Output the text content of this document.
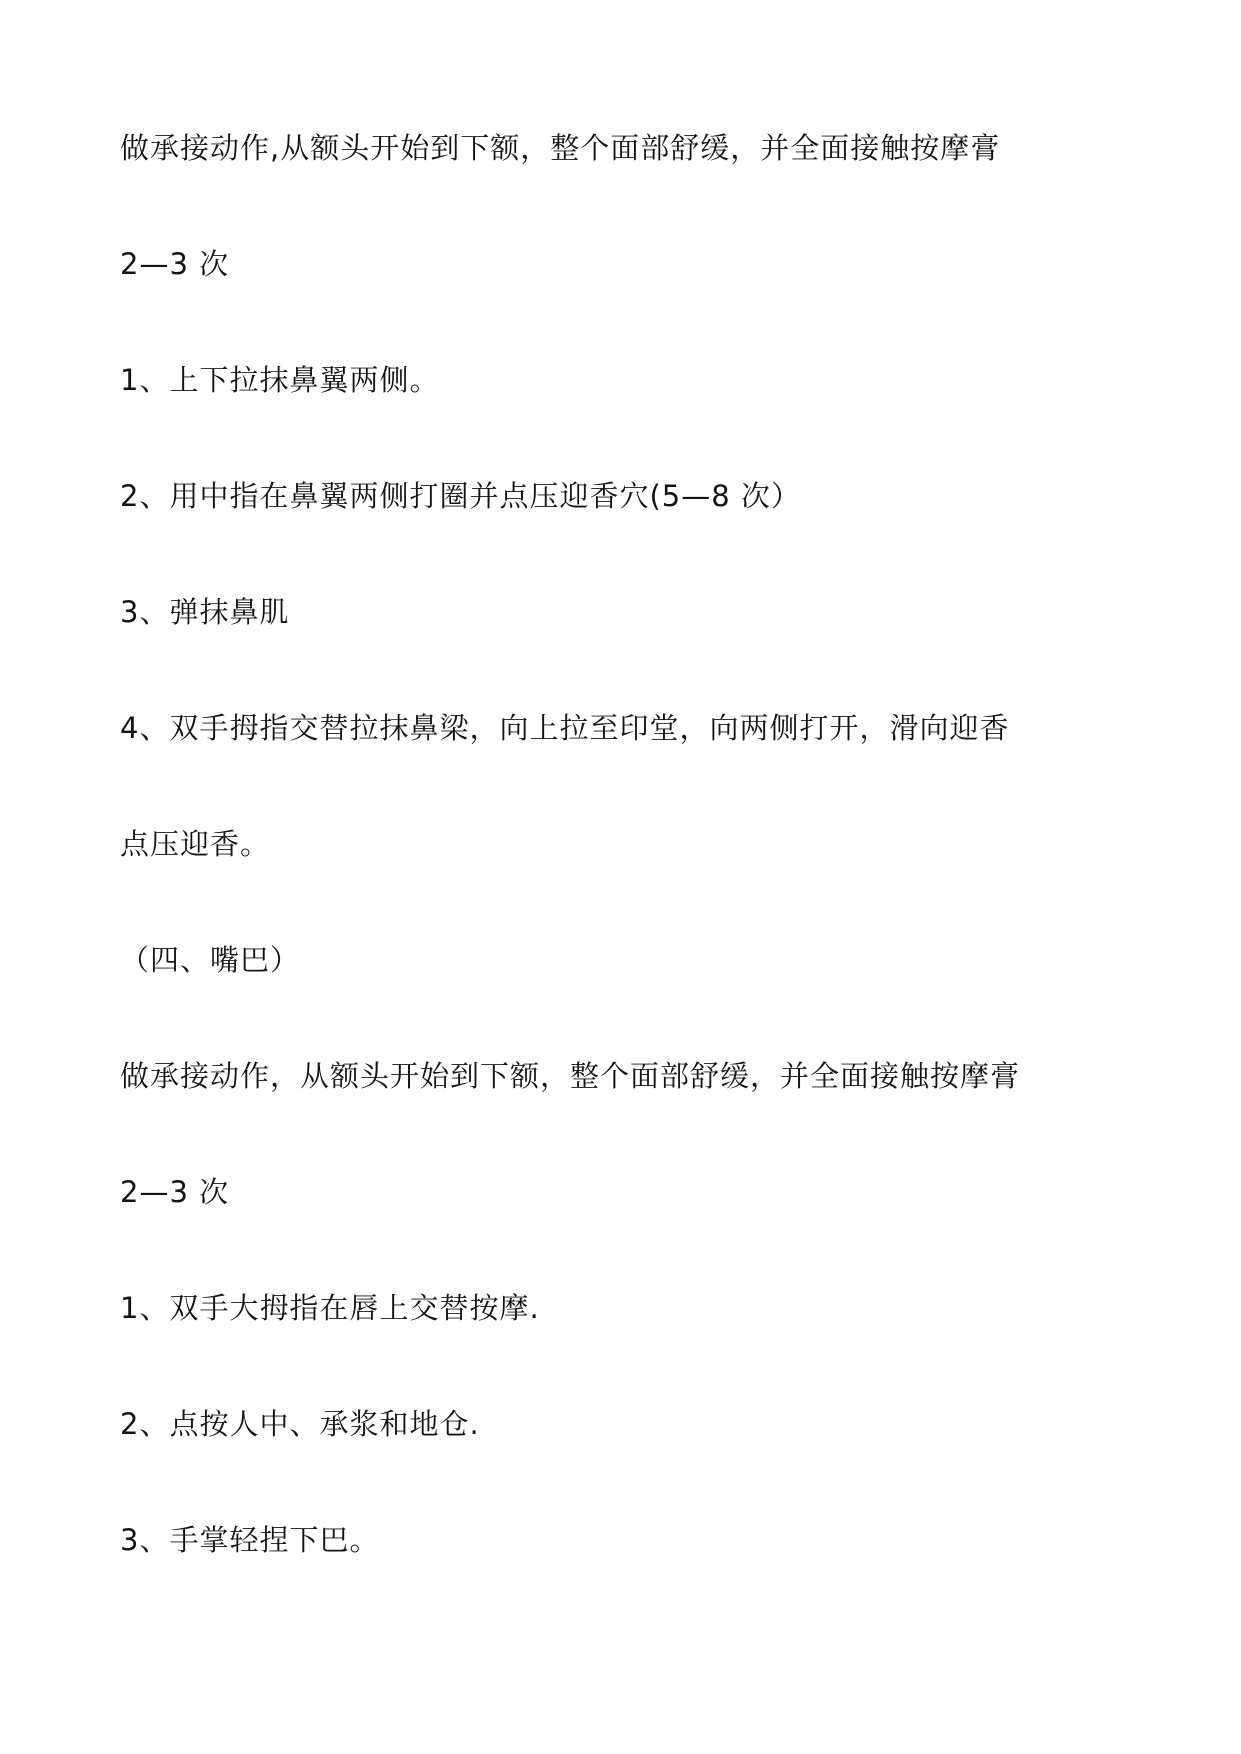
做承接动作,从额头开始到下额，整个面部舒缓，并全面接触按摩膏
2—3 次
1、上下拉抹鼻翼两侧。
2、用中指在鼻翼两侧打圈并点压迎香穴(5—8 次）
3、弹抹鼻肌
4、双手拇指交替拉抹鼻梁，向上拉至印堂，向两侧打开，滑向迎香
点压迎香。
（四、嘴巴）
做承接动作，从额头开始到下额，整个面部舒缓，并全面接触按摩膏
2—3 次
1、双手大拇指在唇上交替按摩.
2、点按人中、承浆和地仓.
3、手掌轻捏下巴。
